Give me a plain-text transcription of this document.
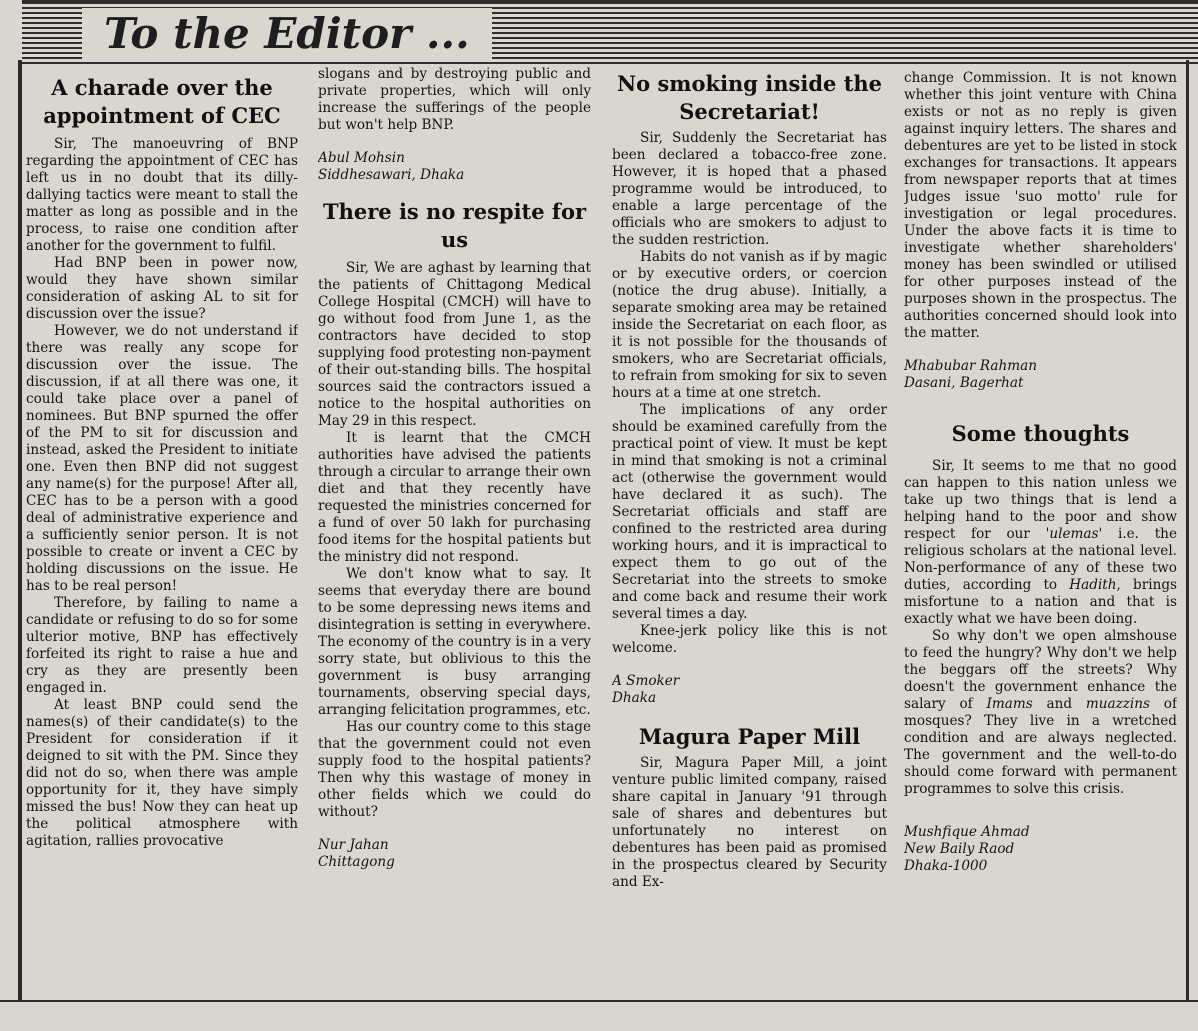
To the Editor ...
A charade over the appointment of CEC

Sir, The manoeuvring of BNP regarding the appointment of CEC has left us in no doubt that its dilly-dallying tactics were meant to stall the matter as long as possible and in the process, to raise one condition after another for the government to fulfil.

Had BNP been in power now, would they have shown similar consideration of asking AL to sit for discussion over the issue?

However, we do not understand if there was really any scope for discussion over the issue. The discussion, if at all there was one, it could take place over a panel of nominees. But BNP spurned the offer of the PM to sit for discussion and instead, asked the President to initiate one. Even then BNP did not suggest any name(s) for the purpose! After all, CEC has to be a person with a good deal of administrative experience and a sufficiently senior person. It is not possible to create or invent a CEC by holding discussions on the issue. He has to be real person!

Therefore, by failing to name a candidate or refusing to do so for some ulterior motive, BNP has effectively forfeited its right to raise a hue and cry as they are presently been engaged in.

At least BNP could send the names(s) of their candidate(s) to the President for consideration if it deigned to sit with the PM. Since they did not do so, when there was ample opportunity for it, they have simply missed the bus! Now they can heat up the political atmosphere with agitation, rallies provocative

slogans and by destroying public and private properties, which will only increase the sufferings of the people but won't help BNP.

Abul Mohsin
Siddhesawari, Dhaka
There is no respite for us

Sir, We are aghast by learning that the patients of Chittagong Medical College Hospital (CMCH) will have to go without food from June 1, as the contractors have decided to stop supplying food protesting non-payment of their out-standing bills. The hospital sources said the contractors issued a notice to the hospital authorities on May 29 in this respect.

It is learnt that the CMCH authorities have advised the patients through a circular to arrange their own diet and that they recently have requested the ministries concerned for a fund of over 50 lakh for purchasing food items for the hospital patients but the ministry did not respond.

We don't know what to say. It seems that everyday there are bound to be some depressing news items and disintegration is setting in everywhere. The economy of the country is in a very sorry state, but oblivious to this the government is busy arranging tournaments, observing special days, arranging felicitation programmes, etc.

Has our country come to this stage that the government could not even supply food to the hospital patients? Then why this wastage of money in other fields which we could do without?

Nur Jahan
Chittagong
No smoking inside the Secretariat!

Sir, Suddenly the Secretariat has been declared a tobacco-free zone. However, it is hoped that a phased programme would be introduced, to enable a large percentage of the officials who are smokers to adjust to the sudden restriction.

Habits do not vanish as if by magic or by executive orders, or coercion (notice the drug abuse). Initially, a separate smoking area may be retained inside the Secretariat on each floor, as it is not possible for the thousands of smokers, who are Secretariat officials, to refrain from smoking for six to seven hours at a time at one stretch.

The implications of any order should be examined carefully from the practical point of view. It must be kept in mind that smoking is not a criminal act (otherwise the government would have declared it as such). The Secretariat officials and staff are confined to the restricted area during working hours, and it is impractical to expect them to go out of the Secretariat into the streets to smoke and come back and resume their work several times a day.

Knee-jerk policy like this is not welcome.

A Smoker
Dhaka
Magura Paper Mill

Sir, Magura Paper Mill, a joint venture public limited company, raised share capital in January '91 through sale of shares and debentures but unfortunately no interest on debentures has been paid as promised in the prospectus cleared by Security and Ex-

change Commission. It is not known whether this joint venture with China exists or not as no reply is given against inquiry letters. The shares and debentures are yet to be listed in stock exchanges for transactions. It appears from newspaper reports that at times Judges issue 'suo motto' rule for investigation or legal procedures. Under the above facts it is time to investigate whether shareholders' money has been swindled or utilised for other purposes instead of the purposes shown in the prospectus. The authorities concerned should look into the matter.

Mhabubar Rahman
Dasani, Bagerhat
Some thoughts

Sir, It seems to me that no good can happen to this nation unless we take up two things that is lend a helping hand to the poor and show respect for our 'ulemas' i.e. the religious scholars at the national level. Non-performance of any of these two duties, according to Hadith, brings misfortune to a nation and that is exactly what we have been doing.

So why don't we open almshouse to feed the hungry? Why don't we help the beggars off the streets? Why doesn't the government enhance the salary of Imams and muazzins of mosques? They live in a wretched condition and are always neglected. The government and the well-to-do should come forward with permanent programmes to solve this crisis.

Mushfique Ahmad
New Baily Raod
Dhaka-1000
